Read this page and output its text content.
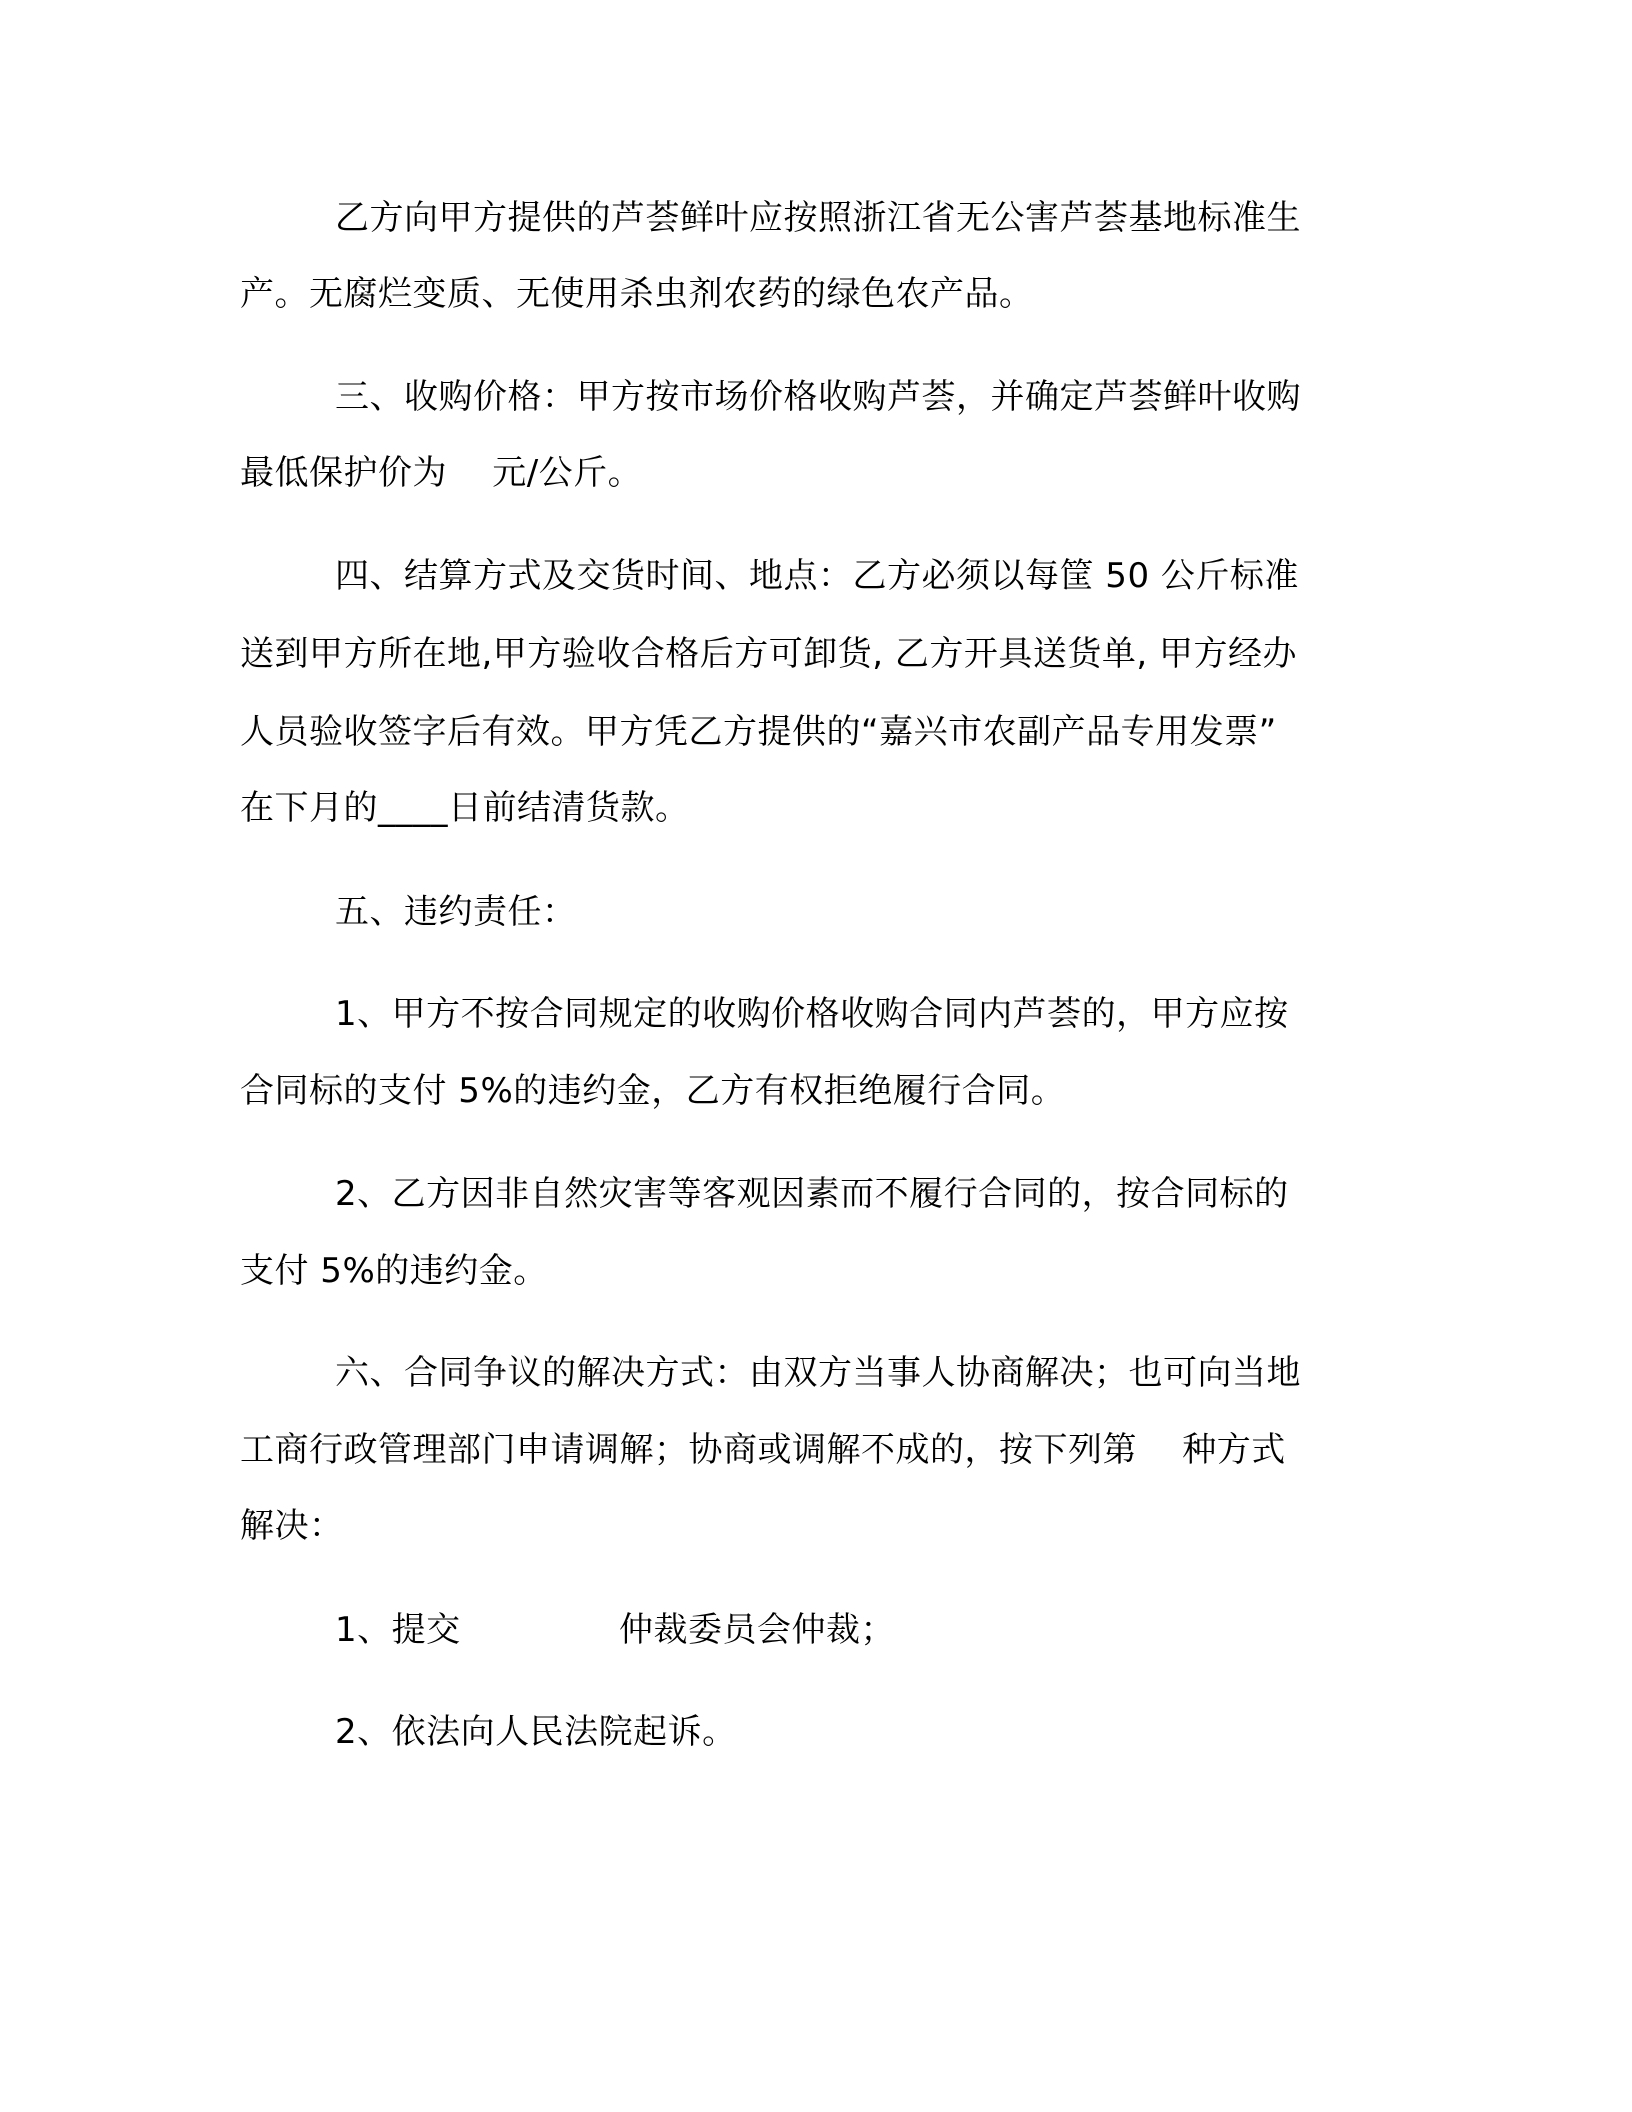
乙方向甲方提供的芦荟鲜叶应按照浙江省无公害芦荟基地标准生
产。无腐烂变质、无使用杀虫剂农药的绿色农产品。
三、收购价格：甲方按市场价格收购芦荟，并确定芦荟鲜叶收购
最低保护价为    元/公斤。
四、结算方式及交货时间、地点：乙方必须以每筐 50 公斤标准
送到甲方所在地,甲方验收合格后方可卸货, 乙方开具送货单, 甲方经办
人员验收签字后有效。甲方凭乙方提供的“嘉兴市农副产品专用发票”
在下月的____日前结清货款。
五、违约责任：
1、甲方不按合同规定的收购价格收购合同内芦荟的，甲方应按
合同标的支付 5%的违约金，乙方有权拒绝履行合同。
2、乙方因非自然灾害等客观因素而不履行合同的，按合同标的
支付 5%的违约金。
六、合同争议的解决方式：由双方当事人协商解决；也可向当地
工商行政管理部门申请调解；协商或调解不成的，按下列第    种方式
解决：
1、提交              仲裁委员会仲裁；
2、依法向人民法院起诉。
